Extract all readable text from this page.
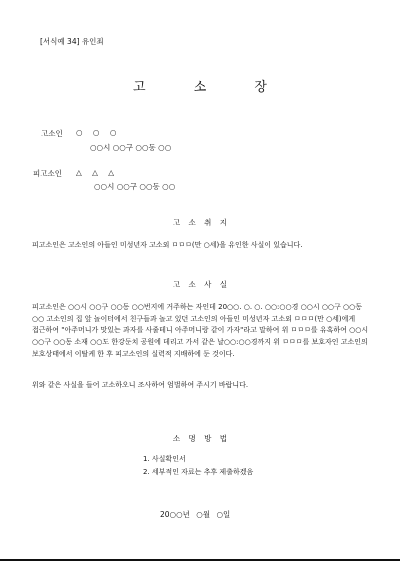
[서식예 34] 유인죄
고 소 장
고소인 ○ ○ ○
○○시 ○○구 ○○동 ○○
피고소인 △ △ △
○○시 ○○구 ○○동 ○○
고 소 취 지
피고소인은 고소인의 아들인 미성년자 고소외 ㅁㅁㅁ(만 ○세)을 유인한 사실이 있습니다.
고 소 사 실
피고소인은 ○○시 ○○구 ○○동 ○○번지에 거주하는 자인데 20○○. ○. ○. ○○:○○경 ○○시 ○○구 ○○동 ○○ 고소인의 집 앞 놀이터에서 친구들과 놀고 있던 고소인의 아들인 미성년자 고소외 ㅁㅁㅁ(만 ○세)에게 접근하여 "아주머니가 맛있는 과자를 사줄테니 아주머니랑 같이 가자"라고 말하여 위 ㅁㅁㅁ를 유혹하여 ○○시 ○○구 ○○동 소재 ○○도 한강둔치 공원에 데리고 가서 같은 날○○:○○경까지 위 ㅁㅁㅁ를 보호자인 고소인의 보호상태에서 이탈케 한 후 피고소인의 실력적 지배하에 둔 것이다.
위와 같은 사실을 들어 고소하오니 조사하여 엄벌하여 주시기 바랍니다.
소 명 방 법
1. 사실확인서
2. 세부적인 자료는 추후 제출하겠음
20○○년 ○월 ○일
